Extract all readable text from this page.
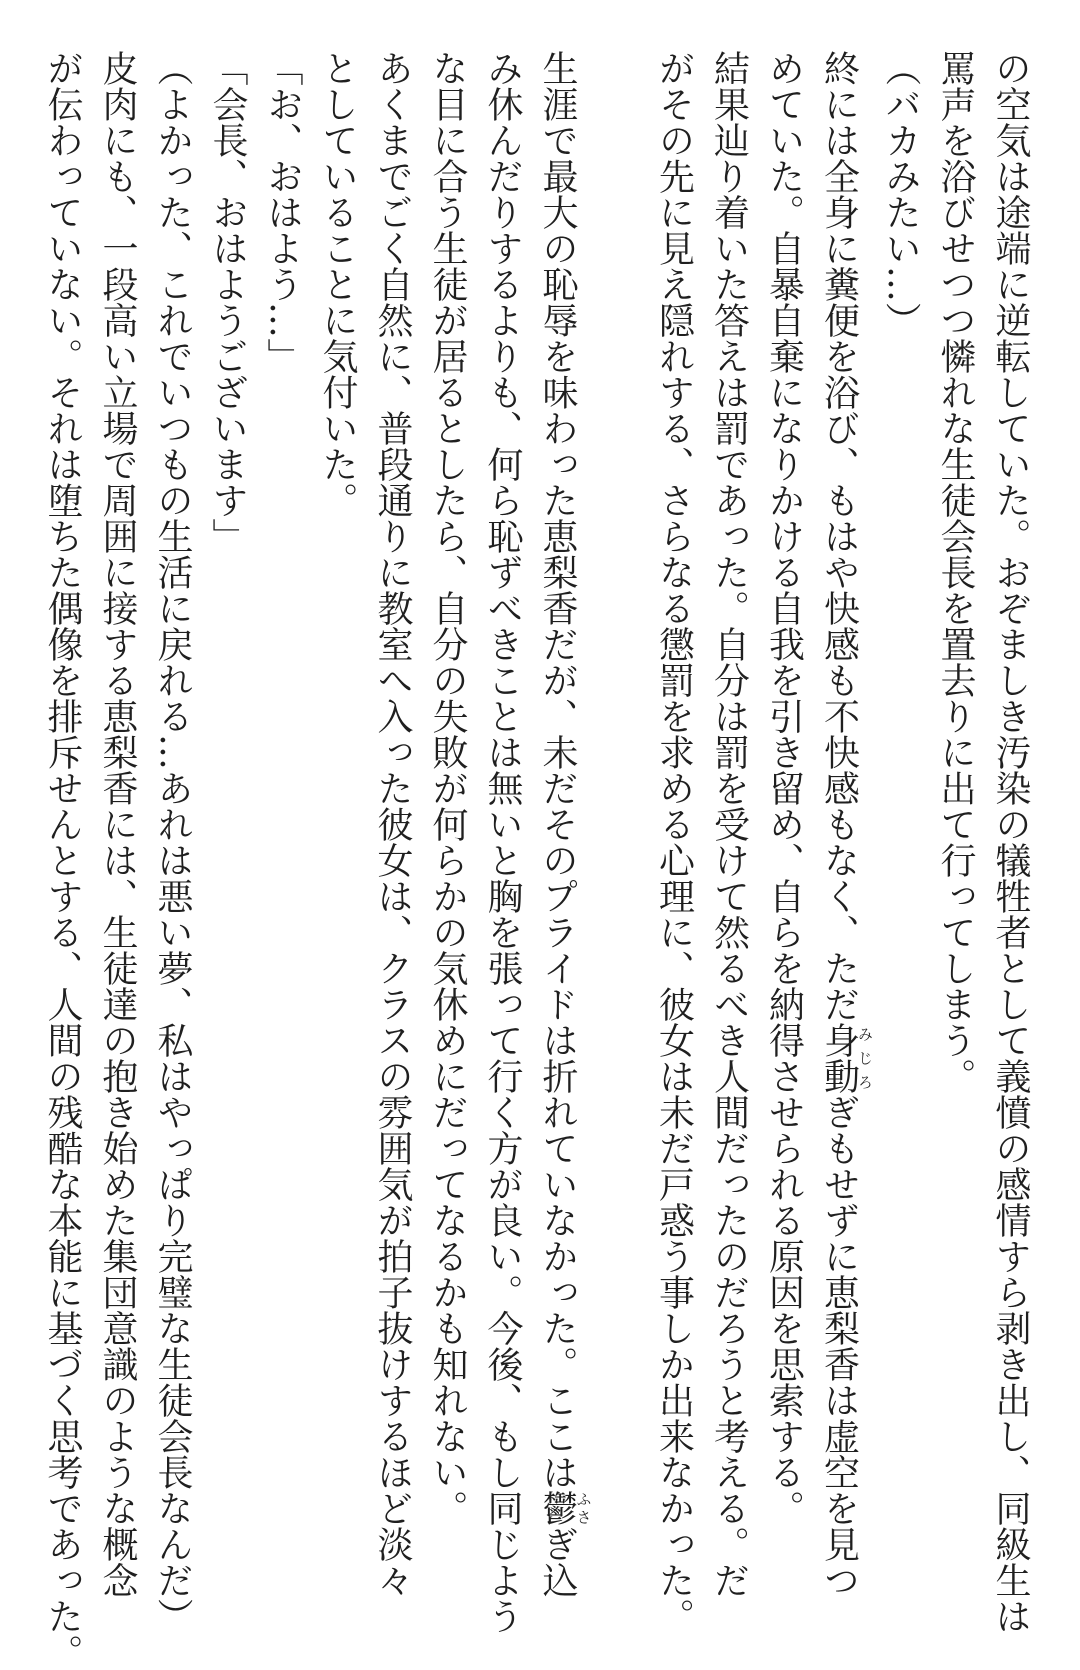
の空気は途端に逆転していた。おぞましき汚染の犠牲者として義憤の感情すら剥き出し、同級生は

罵声を浴びせつつ憐れな生徒会長を置去りに出て行ってしまう。

（バカみたい…）

終には全身に糞便を浴び、もはや快感も不快感もなく、ただ身動みじろぎもせずに恵梨香は虚空を見つ

めていた。自暴自棄になりかける自我を引き留め、自らを納得させられる原因を思索する。

結果辿り着いた答えは罰であった。自分は罰を受けて然るべき人間だったのだろうと考える。だ

がその先に見え隠れする、さらなる懲罰を求める心理に、彼女は未だ戸惑う事しか出来なかった。

生涯で最大の恥辱を味わった恵梨香だが、未だそのプライドは折れていなかった。ここは鬱ふさぎ込

み休んだりするよりも、何ら恥ずべきことは無いと胸を張って行く方が良い。今後、もし同じよう

な目に合う生徒が居るとしたら、自分の失敗が何らかの気休めにだってなるかも知れない。

あくまでごく自然に、普段通りに教室へ入った彼女は、クラスの雰囲気が拍子抜けするほど淡々

としていることに気付いた。

「お、おはよう…」

「会長、おはようございます」

（よかった、これでいつもの生活に戻れる…あれは悪い夢、私はやっぱり完璧な生徒会長なんだ）

皮肉にも、一段高い立場で周囲に接する恵梨香には、生徒達の抱き始めた集団意識のような概念

が伝わっていない。それは堕ちた偶像を排斥せんとする、人間の残酷な本能に基づく思考であった。
